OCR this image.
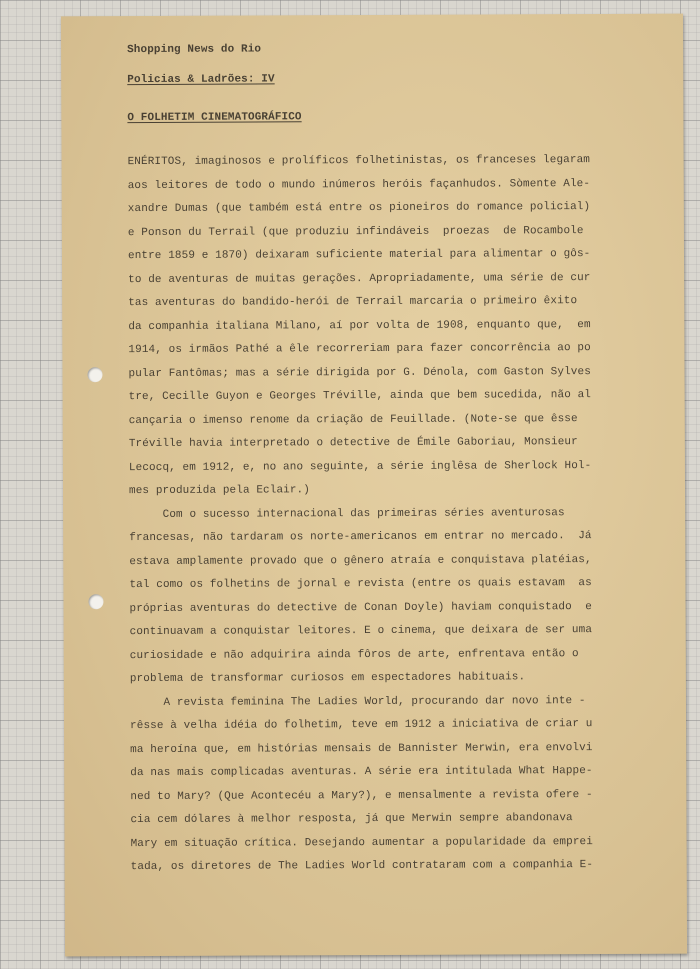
Shopping News do Rio
Policias & Ladrões: IV
O FOLHETIM CINEMATOGRÁFICO
ENÉRITOS, imaginosos e prolíficos folhetinistas, os franceses legaram
aos leitores de todo o mundo inúmeros heróis façanhudos. Sòmente Ale-
xandre Dumas (que também está entre os pioneiros do romance policial)
e Ponson du Terrail (que produziu infindáveis  proezas  de Rocambole
entre 1859 e 1870) deixaram suficiente material para alimentar o gôs-
to de aventuras de muitas gerações. Apropriadamente, uma série de cur
tas aventuras do bandido-herói de Terrail marcaria o primeiro êxito
da companhia italiana Milano, aí por volta de 1908, enquanto que,  em
1914, os irmãos Pathé a êle recorreriam para fazer concorrência ao po
pular Fantômas; mas a série dirigida por G. Dénola, com Gaston Sylves
tre, Cecille Guyon e Georges Tréville, ainda que bem sucedida, não al
cançaria o imenso renome da criação de Feuillade. (Note-se que êsse
Tréville havia interpretado o detective de Émile Gaboriau, Monsieur
Lecocq, em 1912, e, no ano seguinte, a série inglêsa de Sherlock Hol-
mes produzida pela Eclair.)
Com o sucesso internacional das primeiras séries aventurosas
francesas, não tardaram os norte-americanos em entrar no mercado.  Já
estava amplamente provado que o gênero atraía e conquistava platéias,
tal como os folhetins de jornal e revista (entre os quais estavam  as
próprias aventuras do detective de Conan Doyle) haviam conquistado  e
continuavam a conquistar leitores. E o cinema, que deixara de ser uma
curiosidade e não adquirira ainda fôros de arte, enfrentava então o
problema de transformar curiosos em espectadores habituais.
A revista feminina The Ladies World, procurando dar novo inte -
rêsse à velha idéia do folhetim, teve em 1912 a iniciativa de criar u
ma heroína que, em histórias mensais de Bannister Merwin, era envolvi
da nas mais complicadas aventuras. A série era intitulada What Happe-
ned to Mary? (Que Acontecéu a Mary?), e mensalmente a revista ofere -
cia cem dólares à melhor resposta, já que Merwin sempre abandonava
Mary em situação crítica. Desejando aumentar a popularidade da emprei
tada, os diretores de The Ladies World contrataram com a companhia E-
